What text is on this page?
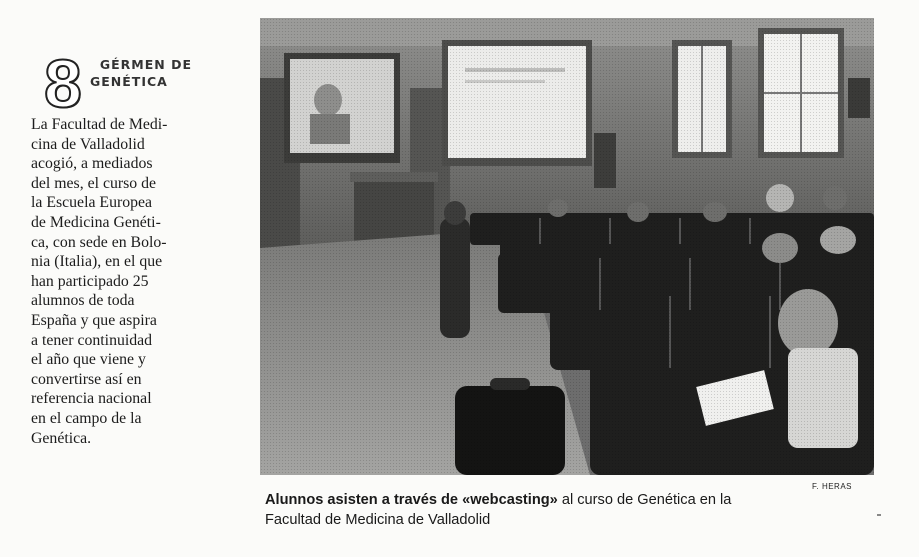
8	GÉRMEN DE
GENÉTICA
La Facultad de Medi-
cina de Valladolid
acogió, a mediados
del mes, el curso de
la Escuela Europea
de Medicina Genéti-
ca, con sede en Bolo-
nia (Italia), en el que
han participado 25
alumnos de toda
España y que aspira
a tener continuidad
el año que viene y
convertirse así en
referencia nacional
en el campo de la
Genética.
F. HERAS
Alunnos asisten a través de «webcasting» al curso de Genética en la
Facultad de Medicina de Valladolid
